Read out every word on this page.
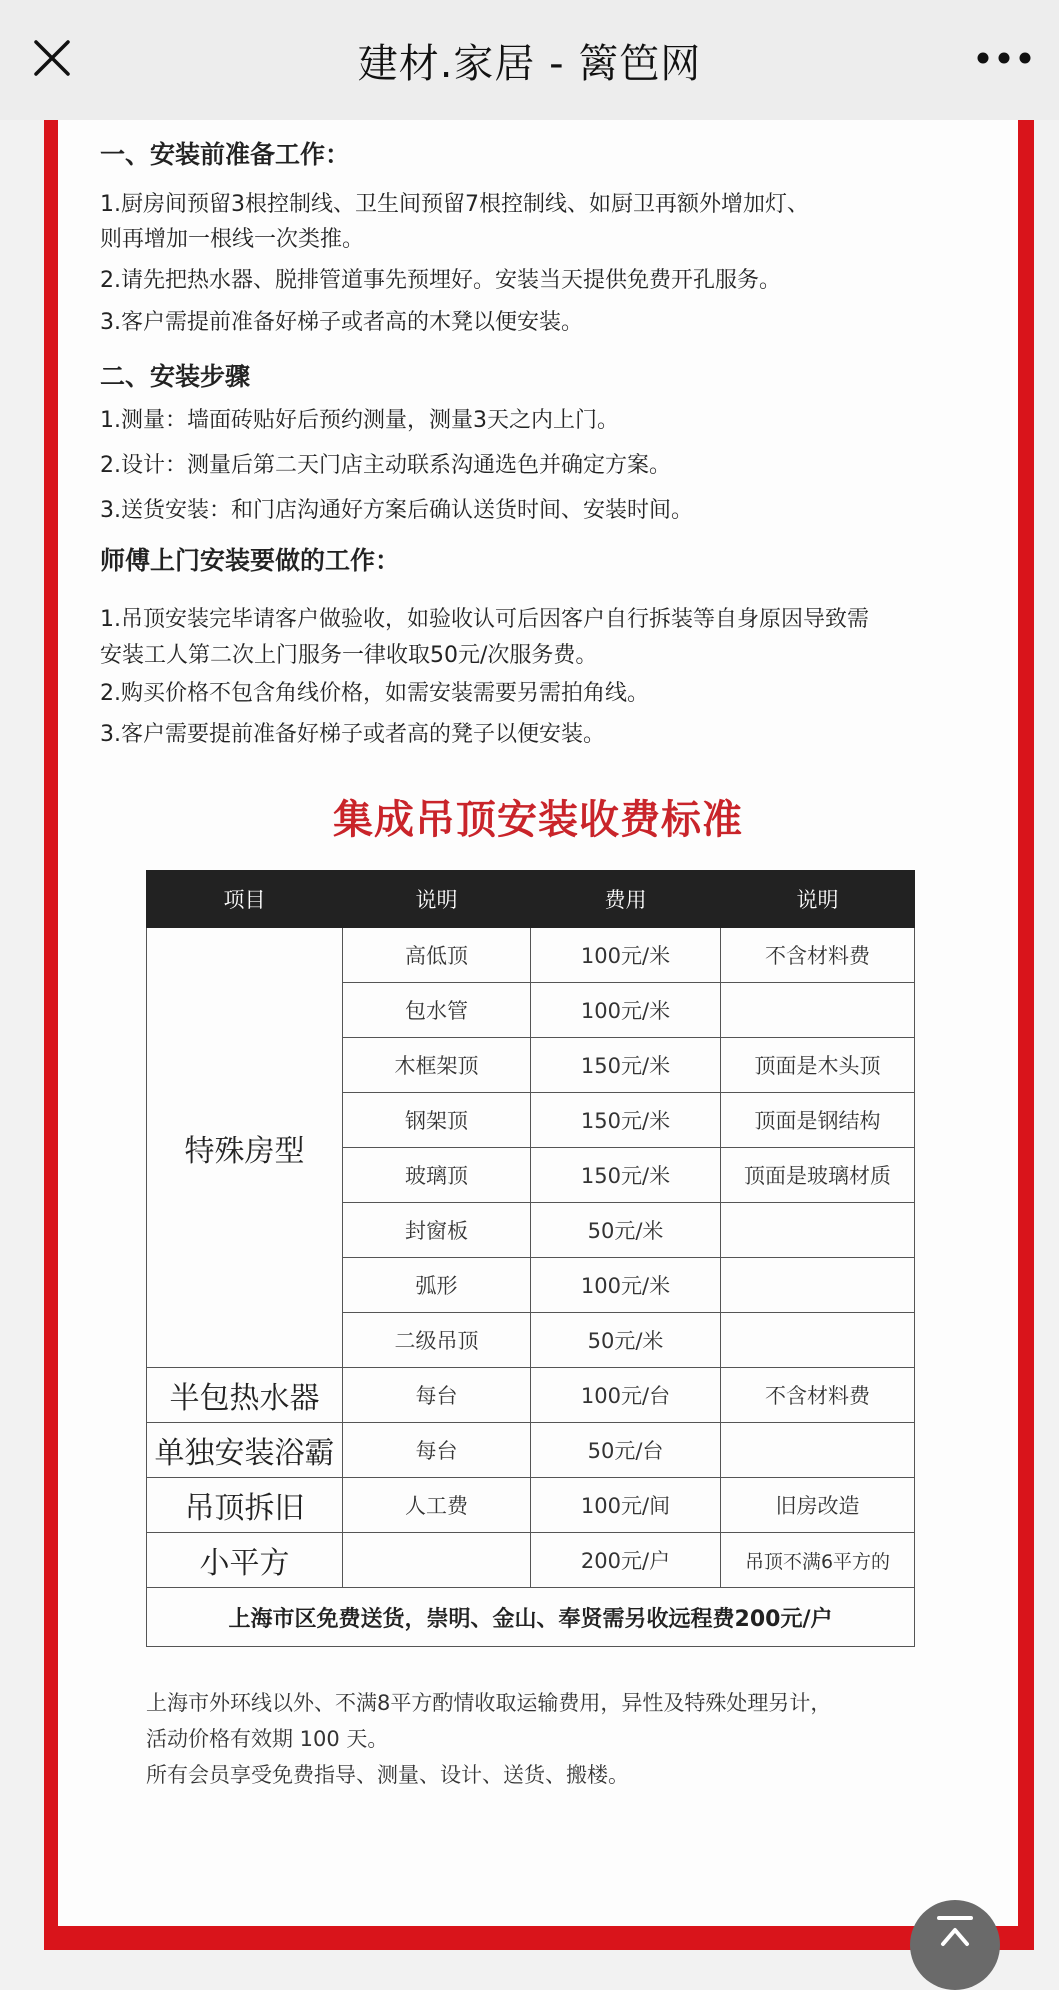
建材.家居 - 篱笆网
一、安装前准备工作：
1.厨房间预留3根控制线、卫生间预留7根控制线、如厨卫再额外增加灯、
则再增加一根线一次类推。
2.请先把热水器、脱排管道事先预埋好。安装当天提供免费开孔服务。
3.客户需提前准备好梯子或者高的木凳以便安装。
二、安装步骤
1.测量：墙面砖贴好后预约测量，测量3天之内上门。
2.设计：测量后第二天门店主动联系沟通选色并确定方案。
3.送货安装：和门店沟通好方案后确认送货时间、安装时间。
师傅上门安装要做的工作：
1.吊顶安装完毕请客户做验收，如验收认可后因客户自行拆装等自身原因导致需
安装工人第二次上门服务一律收取50元/次服务费。
2.购买价格不包含角线价格，如需安装需要另需拍角线。
3.客户需要提前准备好梯子或者高的凳子以便安装。
集成吊顶安装收费标准
项目	说明	费用	说明
特殊房型	高低顶	100元/米	不含材料费
	包水管	100元/米	
	木框架顶	150元/米	顶面是木头顶
	钢架顶	150元/米	顶面是钢结构
	玻璃顶	150元/米	顶面是玻璃材质
	封窗板	50元/米	
	弧形	100元/米	
	二级吊顶	50元/米	
半包热水器	每台	100元/台	不含材料费
单独安装浴霸	每台	50元/台	
吊顶拆旧	人工费	100元/间	旧房改造
小平方		200元/户	吊顶不满6平方的
上海市区免费送货，崇明、金山、奉贤需另收远程费200元/户			
上海市外环线以外、不满8平方酌情收取运输费用，异性及特殊处理另计，
活动价格有效期 100 天。
所有会员享受免费指导、测量、设计、送货、搬楼。
